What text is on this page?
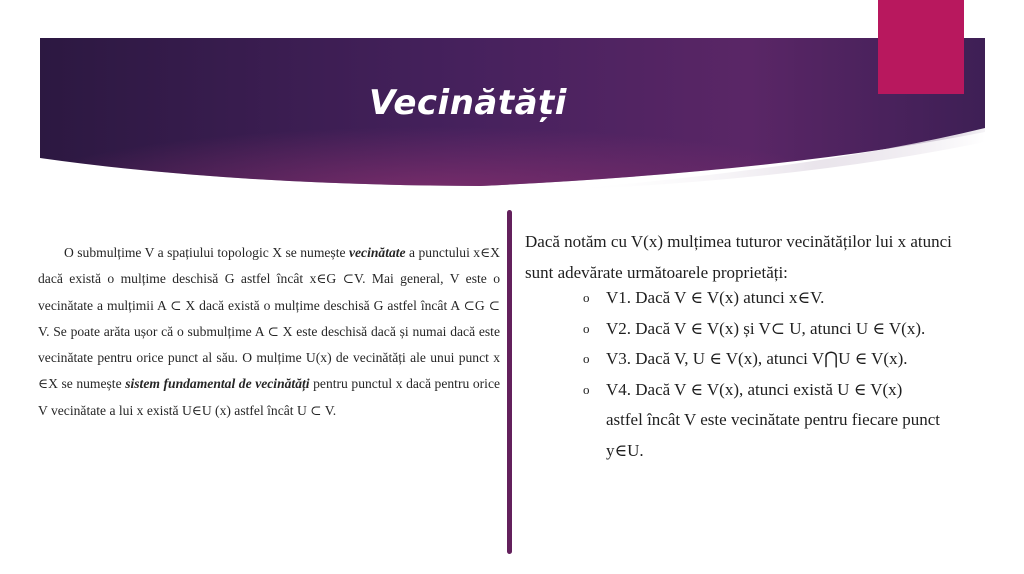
Vecinătăți

O submulțime V a spațiului topologic X se numește vecinătate a punctului x∈X dacă există o mulțime deschisă G astfel încât x∈G ⊂V. Mai general, V este o vecinătate a mulțimii A ⊂ X dacă există o mulțime deschisă G astfel încât A ⊂G ⊂ V. Se poate arăta ușor că o submulțime A ⊂ X este deschisă dacă și numai dacă este vecinătate pentru orice punct al său. O mulțime U(x) de vecinătăți ale unui punct x ∈X se numește sistem fundamental de vecinătăți pentru punctul x dacă pentru orice V vecinătate a lui x există U∈U (x) astfel încât U ⊂ V.

Dacă notăm cu V(x) mulțimea tuturor vecinătăților lui x atunci sunt adevărate următoarele proprietăți:

o V1. Dacă V ∈ V(x) atunci x∈V.
o V2. Dacă V ∈ V(x) și V⊂ U, atunci U ∈ V(x).
o V3. Dacă V, U ∈ V(x), atunci V⋂U ∈ V(x).
o V4. Dacă V ∈ V(x), atunci există U ∈ V(x) astfel încât V este vecinătate pentru fiecare punct y∈U.
